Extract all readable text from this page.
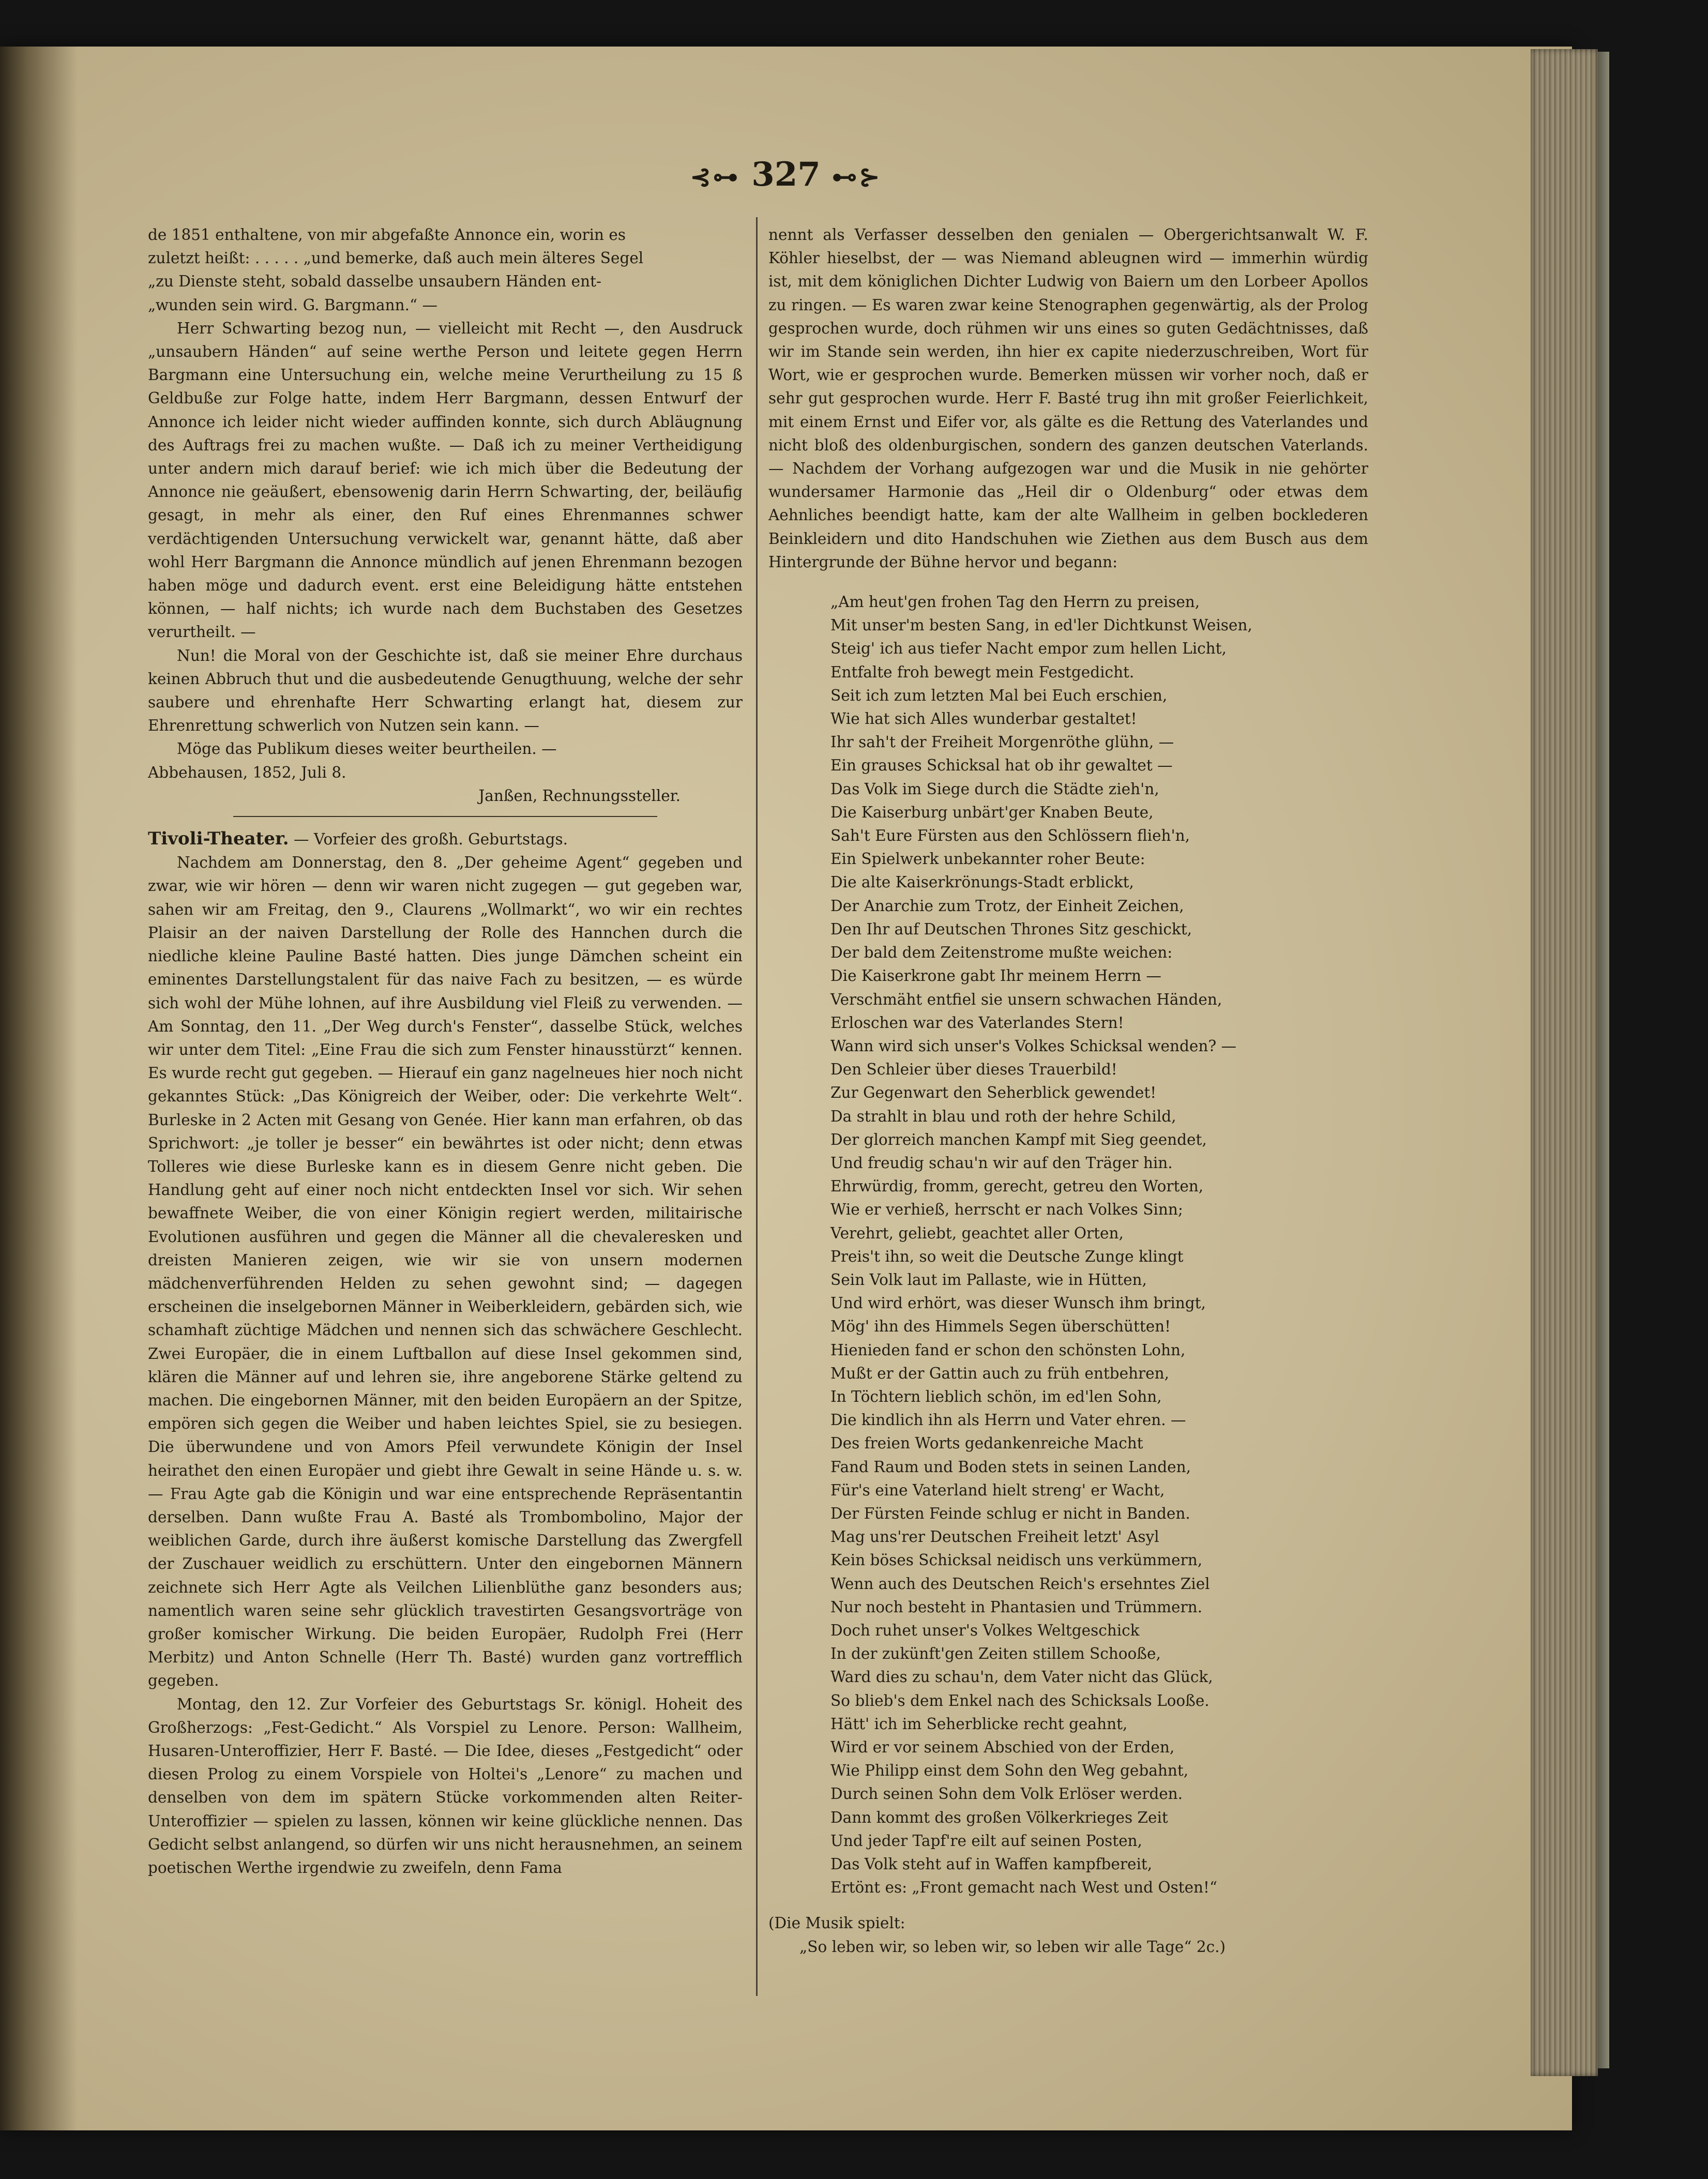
⊰⊶ 327 ⊷⊱

de 1851 enthaltene, von mir abgefaßte Annonce ein, worin es

zuletzt heißt: . . . . . „und bemerke, daß auch mein älteres Segel

„zu Dienste steht, sobald dasselbe unsaubern Händen ent-

„wunden sein wird. G. Bargmann.“ —

Herr Schwarting bezog nun, — vielleicht mit Recht —, den Ausdruck „unsaubern Händen“ auf seine werthe Person und leitete gegen Herrn Bargmann eine Untersuchung ein, welche meine Verurtheilung zu 15 ß Geldbuße zur Folge hatte, indem Herr Bargmann, dessen Entwurf der Annonce ich leider nicht wieder auffinden konnte, sich durch Abläugnung des Auftrags frei zu machen wußte. — Daß ich zu meiner Vertheidigung unter andern mich darauf berief: wie ich mich über die Bedeutung der Annonce nie geäußert, ebensowenig darin Herrn Schwarting, der, beiläufig gesagt, in mehr als einer, den Ruf eines Ehrenmannes schwer verdächtigenden Untersuchung verwickelt war, genannt hätte, daß aber wohl Herr Bargmann die Annonce mündlich auf jenen Ehrenmann bezogen haben möge und dadurch event. erst eine Beleidigung hätte entstehen können, — half nichts; ich wurde nach dem Buchstaben des Gesetzes verurtheilt. —

Nun! die Moral von der Geschichte ist, daß sie meiner Ehre durchaus keinen Abbruch thut und die ausbedeutende Genugthuung, welche der sehr saubere und ehrenhafte Herr Schwarting erlangt hat, diesem zur Ehrenrettung schwerlich von Nutzen sein kann. —

Möge das Publikum dieses weiter beurtheilen. —

Abbehausen, 1852, Juli 8.

Janßen, Rechnungssteller.

Tivoli-Theater. — Vorfeier des großh. Geburtstags.

Nachdem am Donnerstag, den 8. „Der geheime Agent“ gegeben und zwar, wie wir hören — denn wir waren nicht zugegen — gut gegeben war, sahen wir am Freitag, den 9., Claurens „Wollmarkt“, wo wir ein rechtes Plaisir an der naiven Darstellung der Rolle des Hannchen durch die niedliche kleine Pauline Basté hatten. Dies junge Dämchen scheint ein eminentes Darstellungstalent für das naive Fach zu besitzen, — es würde sich wohl der Mühe lohnen, auf ihre Ausbildung viel Fleiß zu verwenden. — Am Sonntag, den 11. „Der Weg durch's Fenster“, dasselbe Stück, welches wir unter dem Titel: „Eine Frau die sich zum Fenster hinausstürzt“ kennen. Es wurde recht gut gegeben. — Hierauf ein ganz nagelneues hier noch nicht gekanntes Stück: „Das Königreich der Weiber, oder: Die verkehrte Welt“. Burleske in 2 Acten mit Gesang von Genée. Hier kann man erfahren, ob das Sprichwort: „je toller je besser“ ein bewährtes ist oder nicht; denn etwas Tolleres wie diese Burleske kann es in diesem Genre nicht geben. Die Handlung geht auf einer noch nicht entdeckten Insel vor sich. Wir sehen bewaffnete Weiber, die von einer Königin regiert werden, militairische Evolutionen ausführen und gegen die Männer all die chevaleresken und dreisten Manieren zeigen, wie wir sie von unsern modernen mädchenverführenden Helden zu sehen gewohnt sind; — dagegen erscheinen die inselgebornen Männer in Weiberkleidern, gebärden sich, wie schamhaft züchtige Mädchen und nennen sich das schwächere Geschlecht. Zwei Europäer, die in einem Luftballon auf diese Insel gekommen sind, klären die Männer auf und lehren sie, ihre angeborene Stärke geltend zu machen. Die eingebornen Männer, mit den beiden Europäern an der Spitze, empören sich gegen die Weiber und haben leichtes Spiel, sie zu besiegen. Die überwundene und von Amors Pfeil verwundete Königin der Insel heirathet den einen Europäer und giebt ihre Gewalt in seine Hände u. s. w. — Frau Agte gab die Königin und war eine entsprechende Repräsentantin derselben. Dann wußte Frau A. Basté als Trombombolino, Major der weiblichen Garde, durch ihre äußerst komische Darstellung das Zwergfell der Zuschauer weidlich zu erschüttern. Unter den eingebornen Männern zeichnete sich Herr Agte als Veilchen Lilienblüthe ganz besonders aus; namentlich waren seine sehr glücklich travestirten Gesangsvorträge von großer komischer Wirkung. Die beiden Europäer, Rudolph Frei (Herr Merbitz) und Anton Schnelle (Herr Th. Basté) wurden ganz vortrefflich gegeben.

Montag, den 12. Zur Vorfeier des Geburtstags Sr. königl. Hoheit des Großherzogs: „Fest-Gedicht.“ Als Vorspiel zu Lenore. Person: Wallheim, Husaren-Unteroffizier, Herr F. Basté. — Die Idee, dieses „Festgedicht“ oder diesen Prolog zu einem Vorspiele von Holtei's „Lenore“ zu machen und denselben von dem im spätern Stücke vorkommenden alten Reiter-Unteroffizier — spielen zu lassen, können wir keine glückliche nennen. Das Gedicht selbst anlangend, so dürfen wir uns nicht herausnehmen, an seinem poetischen Werthe irgendwie zu zweifeln, denn Fama

nennt als Verfasser desselben den genialen — Obergerichtsanwalt W. F. Köhler hieselbst, der — was Niemand ableugnen wird — immerhin würdig ist, mit dem königlichen Dichter Ludwig von Baiern um den Lorbeer Apollos zu ringen. — Es waren zwar keine Stenographen gegenwärtig, als der Prolog gesprochen wurde, doch rühmen wir uns eines so guten Gedächtnisses, daß wir im Stande sein werden, ihn hier ex capite niederzuschreiben, Wort für Wort, wie er gesprochen wurde. Bemerken müssen wir vorher noch, daß er sehr gut gesprochen wurde. Herr F. Basté trug ihn mit großer Feierlichkeit, mit einem Ernst und Eifer vor, als gälte es die Rettung des Vaterlandes und nicht bloß des oldenburgischen, sondern des ganzen deutschen Vaterlands. — Nachdem der Vorhang aufgezogen war und die Musik in nie gehörter wundersamer Harmonie das „Heil dir o Oldenburg“ oder etwas dem Aehnliches beendigt hatte, kam der alte Wallheim in gelben bocklederen Beinkleidern und dito Handschuhen wie Ziethen aus dem Busch aus dem Hintergrunde der Bühne hervor und begann:

„Am heut'gen frohen Tag den Herrn zu preisen,
Mit unser'm besten Sang, in ed'ler Dichtkunst Weisen,
Steig' ich aus tiefer Nacht empor zum hellen Licht,
Entfalte froh bewegt mein Festgedicht.
Seit ich zum letzten Mal bei Euch erschien,
Wie hat sich Alles wunderbar gestaltet!
Ihr sah't der Freiheit Morgenröthe glühn, —
Ein grauses Schicksal hat ob ihr gewaltet —
Das Volk im Siege durch die Städte zieh'n,
Die Kaiserburg unbärt'ger Knaben Beute,
Sah't Eure Fürsten aus den Schlössern flieh'n,
Ein Spielwerk unbekannter roher Beute:
Die alte Kaiserkrönungs-Stadt erblickt,
Der Anarchie zum Trotz, der Einheit Zeichen,
Den Ihr auf Deutschen Thrones Sitz geschickt,
Der bald dem Zeitenstrome mußte weichen:
Die Kaiserkrone gabt Ihr meinem Herrn —
Verschmäht entfiel sie unsern schwachen Händen,
Erloschen war des Vaterlandes Stern!
Wann wird sich unser's Volkes Schicksal wenden? —
Den Schleier über dieses Trauerbild!
Zur Gegenwart den Seherblick gewendet!
Da strahlt in blau und roth der hehre Schild,
Der glorreich manchen Kampf mit Sieg geendet,
Und freudig schau'n wir auf den Träger hin.
Ehrwürdig, fromm, gerecht, getreu den Worten,
Wie er verhieß, herrscht er nach Volkes Sinn;
Verehrt, geliebt, geachtet aller Orten,
Preis't ihn, so weit die Deutsche Zunge klingt
Sein Volk laut im Pallaste, wie in Hütten,
Und wird erhört, was dieser Wunsch ihm bringt,
Mög' ihn des Himmels Segen überschütten!
Hienieden fand er schon den schönsten Lohn,
Mußt er der Gattin auch zu früh entbehren,
In Töchtern lieblich schön, im ed'len Sohn,
Die kindlich ihn als Herrn und Vater ehren. —
Des freien Worts gedankenreiche Macht
Fand Raum und Boden stets in seinen Landen,
Für's eine Vaterland hielt streng' er Wacht,
Der Fürsten Feinde schlug er nicht in Banden.
Mag uns'rer Deutschen Freiheit letzt' Asyl
Kein böses Schicksal neidisch uns verkümmern,
Wenn auch des Deutschen Reich's ersehntes Ziel
Nur noch besteht in Phantasien und Trümmern.
Doch ruhet unser's Volkes Weltgeschick
In der zukünft'gen Zeiten stillem Schooße,
Ward dies zu schau'n, dem Vater nicht das Glück,
So blieb's dem Enkel nach des Schicksals Looße.
Hätt' ich im Seherblicke recht geahnt,
Wird er vor seinem Abschied von der Erden,
Wie Philipp einst dem Sohn den Weg gebahnt,
Durch seinen Sohn dem Volk Erlöser werden.
Dann kommt des großen Völkerkrieges Zeit
Und jeder Tapf're eilt auf seinen Posten,
Das Volk steht auf in Waffen kampfbereit,
Ertönt es: „Front gemacht nach West und Osten!“
(Die Musik spielt:
„So leben wir, so leben wir, so leben wir alle Tage“ 2c.)
